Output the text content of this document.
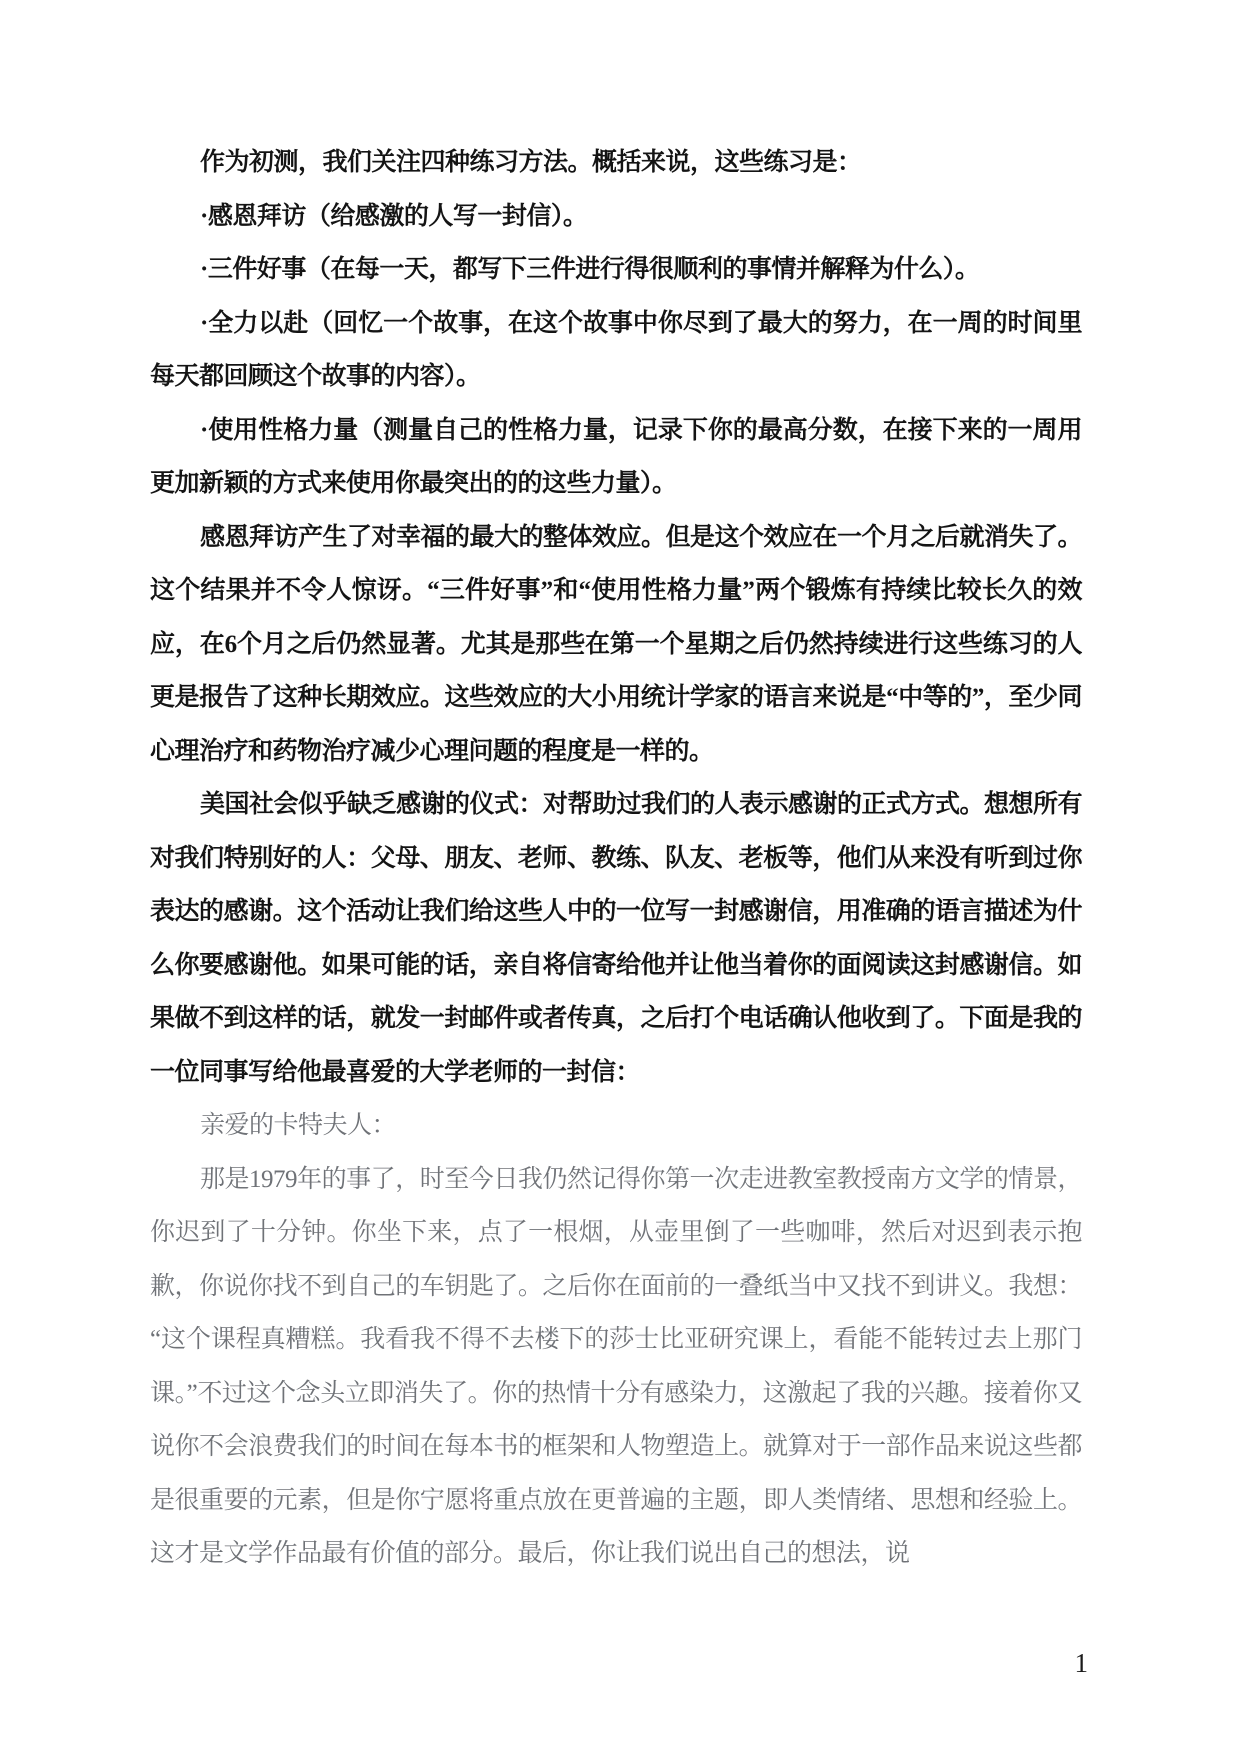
作为初测，我们关注四种练习方法。概括来说，这些练习是：

·感恩拜访（给感激的人写一封信）。

·三件好事（在每一天，都写下三件进行得很顺利的事情并解释为什么）。

·全力以赴（回忆一个故事，在这个故事中你尽到了最大的努力，在一周的时间里每天都回顾这个故事的内容）。

·使用性格力量（测量自己的性格力量，记录下你的最高分数，在接下来的一周用更加新颖的方式来使用你最突出的的这些力量）。

感恩拜访产生了对幸福的最大的整体效应。但是这个效应在一个月之后就消失了。这个结果并不令人惊讶。“三件好事”和“使用性格力量”两个锻炼有持续比较长久的效应，在6个月之后仍然显著。尤其是那些在第一个星期之后仍然持续进行这些练习的人更是报告了这种长期效应。这些效应的大小用统计学家的语言来说是“中等的”，至少同心理治疗和药物治疗减少心理问题的程度是一样的。

美国社会似乎缺乏感谢的仪式：对帮助过我们的人表示感谢的正式方式。想想所有对我们特别好的人：父母、朋友、老师、教练、队友、老板等，他们从来没有听到过你表达的感谢。这个活动让我们给这些人中的一位写一封感谢信，用准确的语言描述为什么你要感谢他。如果可能的话，亲自将信寄给他并让他当着你的面阅读这封感谢信。如果做不到这样的话，就发一封邮件或者传真，之后打个电话确认他收到了。下面是我的一位同事写给他最喜爱的大学老师的一封信：

亲爱的卡特夫人：

那是1979年的事了，时至今日我仍然记得你第一次走进教室教授南方文学的情景，你迟到了十分钟。你坐下来，点了一根烟，从壶里倒了一些咖啡，然后对迟到表示抱歉，你说你找不到自己的车钥匙了。之后你在面前的一叠纸当中又找不到讲义。我想：“这个课程真糟糕。我看我不得不去楼下的莎士比亚研究课上，看能不能转过去上那门课。”不过这个念头立即消失了。你的热情十分有感染力，这激起了我的兴趣。接着你又说你不会浪费我们的时间在每本书的框架和人物塑造上。就算对于一部作品来说这些都是很重要的元素，但是你宁愿将重点放在更普遍的主题，即人类情绪、思想和经验上。这才是文学作品最有价值的部分。最后，你让我们说出自己的想法，说

1
